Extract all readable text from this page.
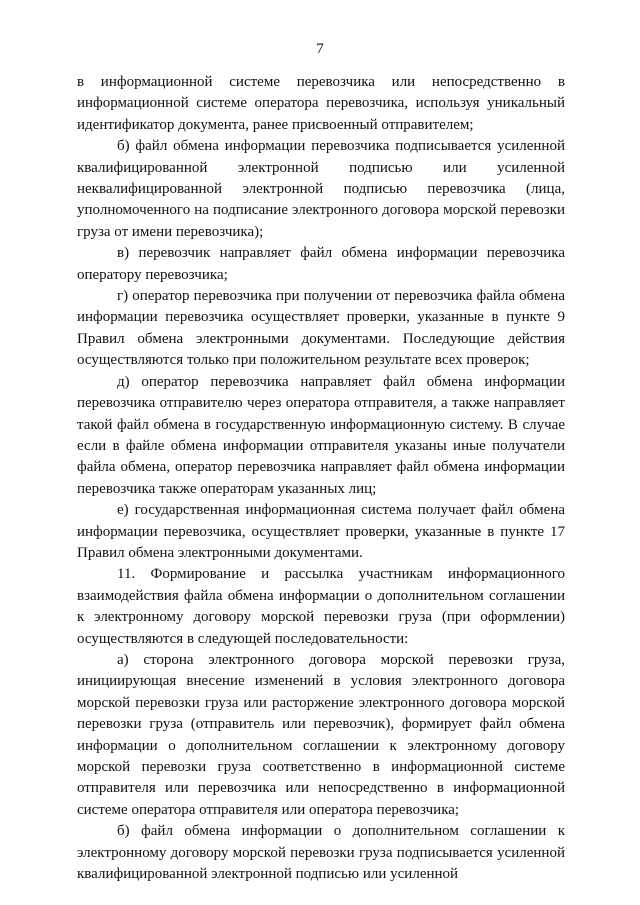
7

в информационной системе перевозчика или непосредственно в информационной системе оператора перевозчика, используя уникальный идентификатор документа, ранее присвоенный отправителем;

б) файл обмена информации перевозчика подписывается усиленной квалифицированной электронной подписью или усиленной неквалифицированной электронной подписью перевозчика (лица, уполномоченного на подписание электронного договора морской перевозки груза от имени перевозчика);

в) перевозчик направляет файл обмена информации перевозчика оператору перевозчика;

г) оператор перевозчика при получении от перевозчика файла обмена информации перевозчика осуществляет проверки, указанные в пункте 9 Правил обмена электронными документами. Последующие действия осуществляются только при положительном результате всех проверок;

д) оператор перевозчика направляет файл обмена информации перевозчика отправителю через оператора отправителя, а также направляет такой файл обмена в государственную информационную систему. В случае если в файле обмена информации отправителя указаны иные получатели файла обмена, оператор перевозчика направляет файл обмена информации перевозчика также операторам указанных лиц;

е) государственная информационная система получает файл обмена информации перевозчика, осуществляет проверки, указанные в пункте 17 Правил обмена электронными документами.

11. Формирование и рассылка участникам информационного взаимодействия файла обмена информации о дополнительном соглашении к электронному договору морской перевозки груза (при оформлении) осуществляются в следующей последовательности:

а) сторона электронного договора морской перевозки груза, инициирующая внесение изменений в условия электронного договора морской перевозки груза или расторжение электронного договора морской перевозки груза (отправитель или перевозчик), формирует файл обмена информации о дополнительном соглашении к электронному договору морской перевозки груза соответственно в информационной системе отправителя или перевозчика или непосредственно в информационной системе оператора отправителя или оператора перевозчика;

б) файл обмена информации о дополнительном соглашении к электронному договору морской перевозки груза подписывается усиленной квалифицированной электронной подписью или усиленной
